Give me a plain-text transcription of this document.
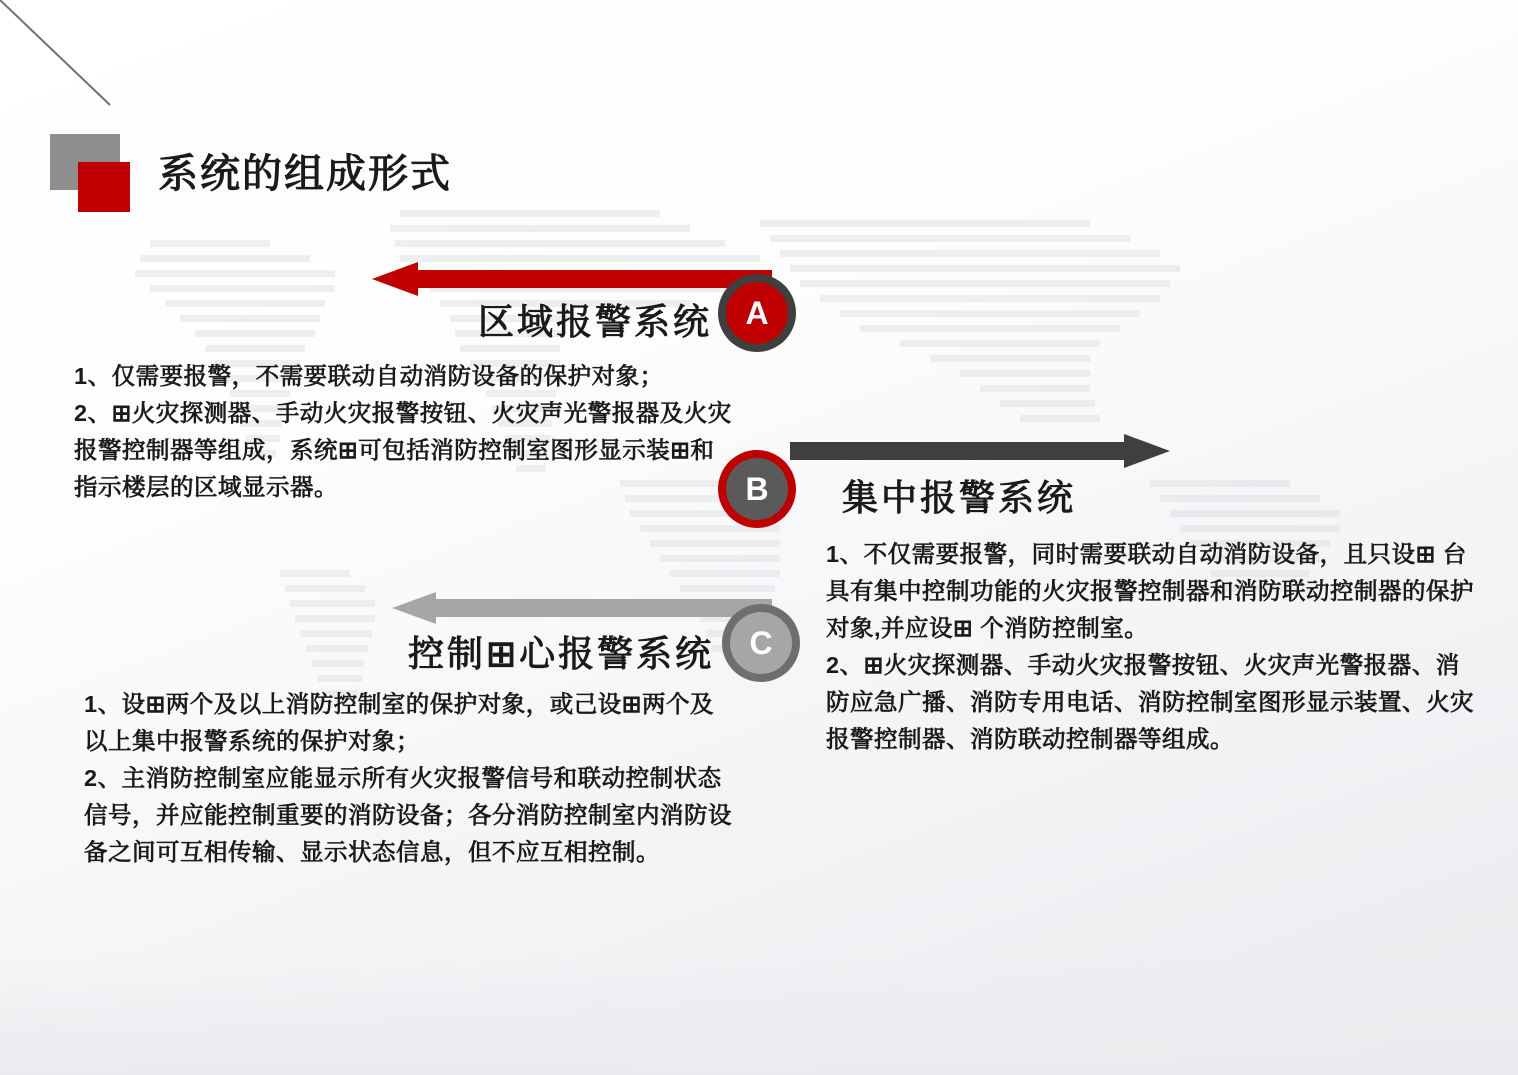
系统的组成形式
区域报警系统	A

1、仅需要报警，不需要联动自动消防设备的保护对象；

2、⊞火灾探测器、手动火灾报警按钮、火灾声光警报器及火灾报警控制器等组成，系统⊞可包括消防控制室图形显示装⊞和指示楼层的区域显示器。	集中报警系统
B

1、不仅需要报警，同时需要联动自动消防设备，且只设⊞ 台具有集中控制功能的火灾报警控制器和消防联动控制器的保护对象,并应设⊞ 个消防控制室。

2、⊞火灾探测器、手动火灾报警按钮、火灾声光警报器、消防应急广播、消防专用电话、消防控制室图形显示装置、火灾报警控制器、消防联动控制器等组成。

控制⊞心报警系统	C

1、设⊞两个及以上消防控制室的保护对象，或己设⊞两个及以上集中报警系统的保护对象；

2、主消防控制室应能显示所有火灾报警信号和联动控制状态信号，并应能控制重要的消防设备；各分消防控制室内消防设备之间可互相传输、显示状态信息，但不应互相控制。
